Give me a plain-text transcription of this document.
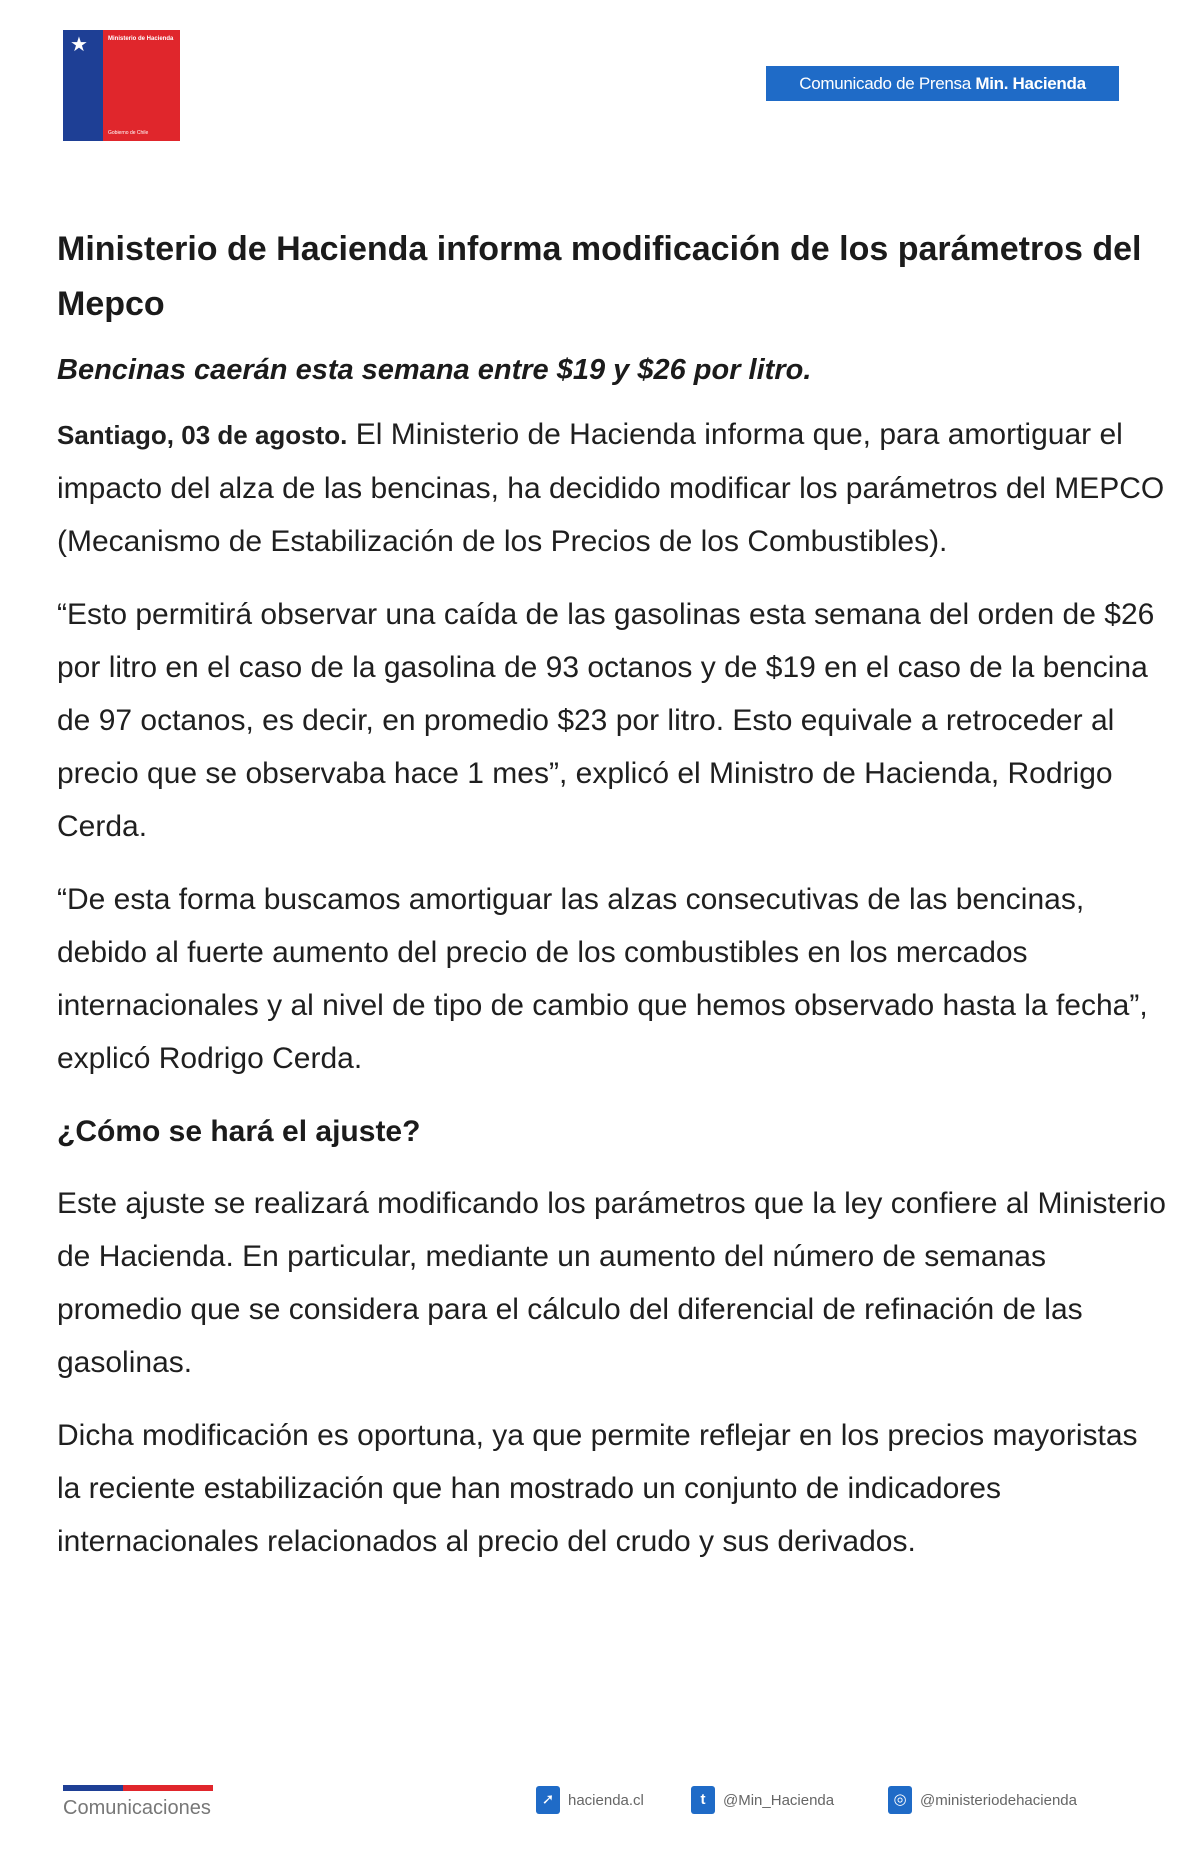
★	Ministerio de Hacienda
Gobierno de Chile
Comunicado de Prensa Min. Hacienda
Ministerio de Hacienda informa modificación de los parámetros del Mepco
Bencinas caerán esta semana entre $19 y $26 por litro.

Santiago, 03 de agosto. El Ministerio de Hacienda informa que, para amortiguar el impacto del alza de las bencinas, ha decidido modificar los parámetros del MEPCO (Mecanismo de Estabilización de los Precios de los Combustibles).

“Esto permitirá observar una caída de las gasolinas esta semana del orden de $26 por litro en el caso de la gasolina de 93 octanos y de $19 en el caso de la bencina de 97 octanos, es decir, en promedio $23 por litro. Esto equivale a retroceder al precio que se observaba hace 1 mes”, explicó el Ministro de Hacienda, Rodrigo Cerda.

“De esta forma buscamos amortiguar las alzas consecutivas de las bencinas, debido al fuerte aumento del precio de los combustibles en los mercados internacionales y al nivel de tipo de cambio que hemos observado hasta la fecha”, explicó Rodrigo Cerda.

¿Cómo se hará el ajuste?

Este ajuste se realizará modificando los parámetros que la ley confiere al Ministerio de Hacienda. En particular, mediante un aumento del número de semanas promedio que se considera para el cálculo del diferencial de refinación de las gasolinas.

Dicha modificación es oportuna, ya que permite reflejar en los precios mayoristas la reciente estabilización que han mostrado un conjunto de indicadores internacionales relacionados al precio del crudo y sus derivados.

Comunicaciones	➚ hacienda.cl	t	@Min_Hacienda	◎ @ministeriodehacienda
